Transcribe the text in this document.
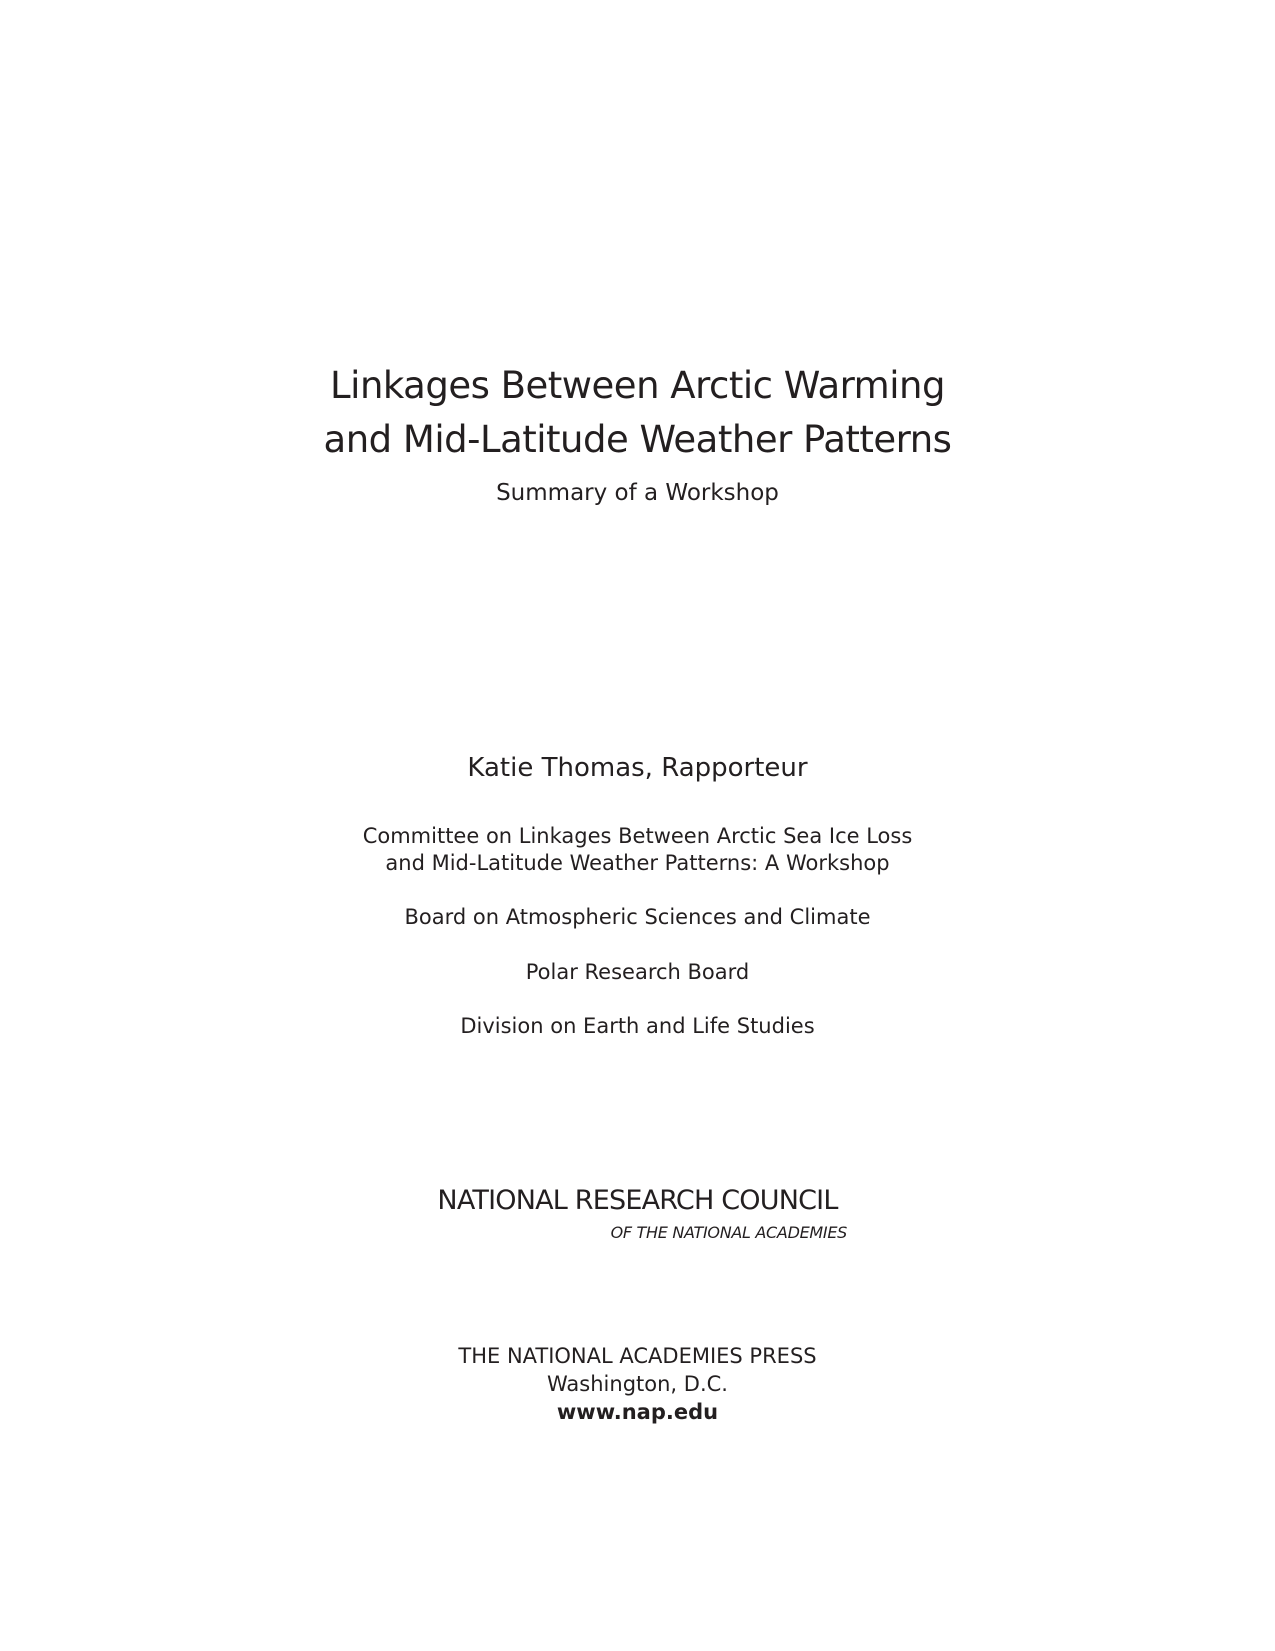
Linkages Between Arctic Warming
and Mid-Latitude Weather Patterns
Summary of a Workshop
Katie Thomas, Rapporteur
Committee on Linkages Between Arctic Sea Ice Loss
and Mid-Latitude Weather Patterns: A Workshop
Board on Atmospheric Sciences and Climate
Polar Research Board
Division on Earth and Life Studies
NATIONAL RESEARCH COUNCIL
OF THE NATIONAL ACADEMIES
THE NATIONAL ACADEMIES PRESS
Washington, D.C.
www.nap.edu
